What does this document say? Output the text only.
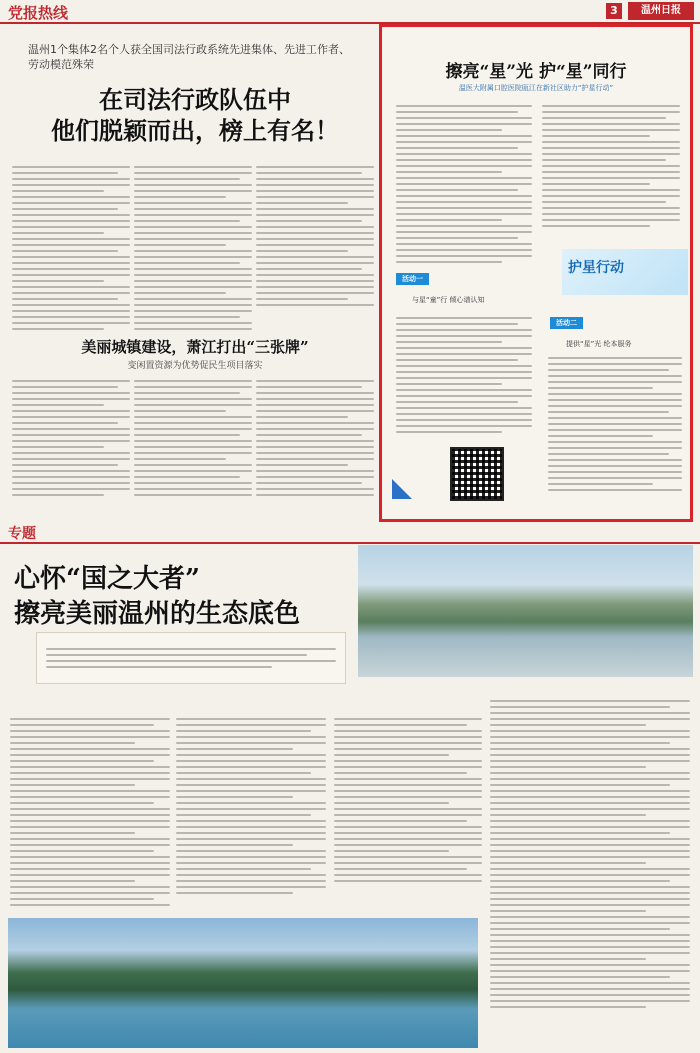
党报热线	3	温州日报
温州1个集体2名个人获全国司法行政系统先进集体、先进工作者、劳动模范殊荣
在司法行政队伍中
他们脱颖而出，榜上有名！
美丽城镇建设，萧江打出“三张牌”
变闲置资源为优势促民生项目落实
擦亮“星”光 护“星”同行
温医大附属口腔医院瓯江在新社区助力“护星行动”
活动一
与星“童”行 倾心谱认知
护星行动
活动二
提供“星”光 纶本服务
专题
心怀“国之大者”
擦亮美丽温州的生态底色
